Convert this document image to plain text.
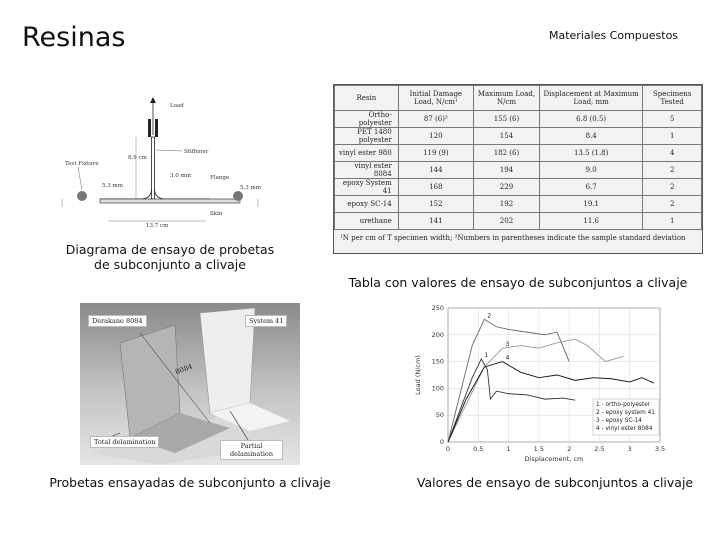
Resinas	Materiales Compuestos
Load
Stiffener
Skin
Flange
Test Fixture
8.9 cm
5.3 mm	5.3 mm
3.0 mm
13.7 cm
Diagrama de ensayo de probetas
de subconjunto a clivaje
Resin	Initial Damage Load, N/cm¹	Maximum Load, N/cm	Displacement at Maximum Load, mm	Specimens Tested
Ortho-polyester	87 (6)²	155 (6)	6.8 (0.5)	5
PET 1480 polyester	120	154	8.4	1
vinyl ester 980	119 (9)	182 (6)	13.5 (1.8)	4
vinyl ester 8084	144	194	9.0	2
epoxy System 41	168	229	6.7	2
epoxy SC-14	152	192	19.1	2
urethane	141	202	11.6	1
¹N per cm of T specimen width; ²Numbers in parentheses indicate the sample standard deviation
Tabla con valores de ensayo de subconjuntos a clivaje
8084
Derakane 8084	System 41
Total delamination	Partial delamination
Probetas ensayadas de subconjunto a clivaje
0	0.5	1	1.5	2	2.5	3	3.5
0
50
100
150
200
250
Displacement, cm
Load (N/cm)	1
2
3
4
1 - ortho-polyester
2 - epoxy system 41
3 - epoxy SC-14
4 - vinyl ester 8084
Valores de ensayo de subconjuntos a clivaje
